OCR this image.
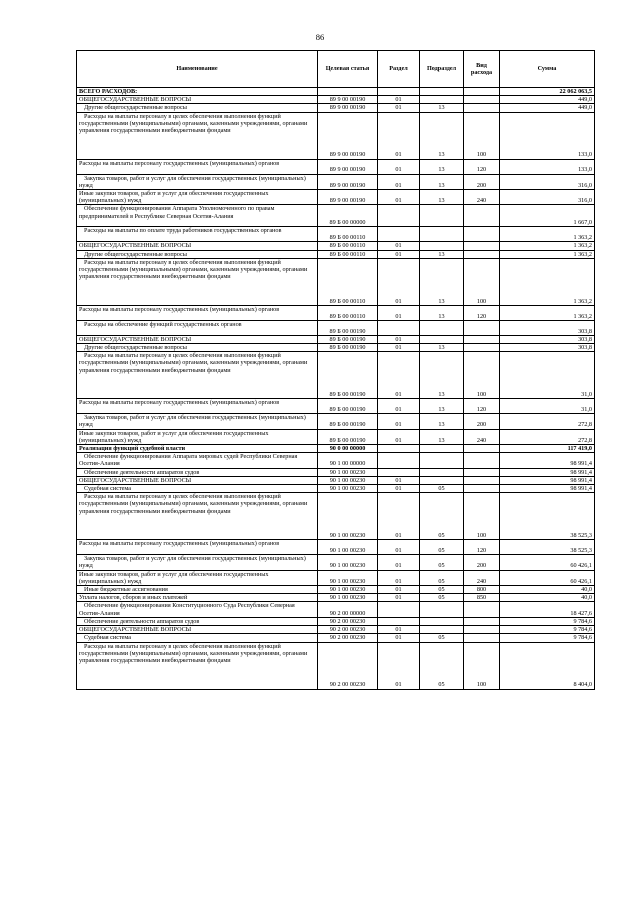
86
Наименование	Целевая статья	Раздел	Подраздел	Вид расхода	Сумма
ВСЕГО РАСХОДОВ:					22 062 063,5
ОБЩЕГОСУДАРСТВЕННЫЕ ВОПРОСЫ	89 9 00 00190	01			449,0
Другие общегосударственные вопросы	89 9 00 00190	01	13		449,0
Расходы на выплаты персоналу в целях обеспечения выполнения функций государственными (муниципальными) органами, казенными учреждениями, органами управления государственными внебюджетными фондами	89 9 00 00190	01	13	100	133,0
Расходы на выплаты персоналу государственных (муниципальных) органов	89 9 00 00190	01	13	120	133,0
Закупка товаров, работ и услуг для обеспечения государственных (муниципальных) нужд	89 9 00 00190	01	13	200	316,0
Иные закупки товаров, работ и услуг для обеспечения государственных (муниципальных) нужд	89 9 00 00190	01	13	240	316,0
Обеспечение функционирования Аппарата Уполномоченного по правам предпринимателей в Республике Северная Осетия-Алания	89 Б 00 00000				1 667,0
Расходы на выплаты по оплате труда работников государственных органов	89 Б 00 00110				1 363,2
ОБЩЕГОСУДАРСТВЕННЫЕ ВОПРОСЫ	89 Б 00 00110	01			1 363,2
Другие общегосударственные вопросы	89 Б 00 00110	01	13		1 363,2
Расходы на выплаты персоналу в целях обеспечения выполнения функций государственными (муниципальными) органами, казенными учреждениями, органами управления государственными внебюджетными фондами	89 Б 00 00110	01	13	100	1 363,2
Расходы на выплаты персоналу государственных (муниципальных) органов	89 Б 00 00110	01	13	120	1 363,2
Расходы на обеспечение функций государственных органов	89 Б 00 00190				303,8
ОБЩЕГОСУДАРСТВЕННЫЕ ВОПРОСЫ	89 Б 00 00190	01			303,8
Другие общегосударственные вопросы	89 Б 00 00190	01	13		303,8
Расходы на выплаты персоналу в целях обеспечения выполнения функций государственными (муниципальными) органами, казенными учреждениями, органами управления государственными внебюджетными фондами	89 Б 00 00190	01	13	100	31,0
Расходы на выплаты персоналу государственных (муниципальных) органов	89 Б 00 00190	01	13	120	31,0
Закупка товаров, работ и услуг для обеспечения государственных (муниципальных) нужд	89 Б 00 00190	01	13	200	272,8
Иные закупки товаров, работ и услуг для обеспечения государственных (муниципальных) нужд	89 Б 00 00190	01	13	240	272,8
Реализация функций судебной власти	90 0 00 00000				117 419,0
Обеспечение функционирования Аппарата мировых судей Республики Северная Осетия-Алания	90 1 00 00000				98 991,4
Обеспечение деятельности аппаратов судов	90 1 00 00230				98 991,4
ОБЩЕГОСУДАРСТВЕННЫЕ ВОПРОСЫ	90 1 00 00230	01			98 991,4
Судебная система	90 1 00 00230	01	05		98 991,4
Расходы на выплаты персоналу в целях обеспечения выполнения функций государственными (муниципальными) органами, казенными учреждениями, органами управления государственными внебюджетными фондами	90 1 00 00230	01	05	100	38 525,3
Расходы на выплаты персоналу государственных (муниципальных) органов	90 1 00 00230	01	05	120	38 525,3
Закупка товаров, работ и услуг для обеспечения государственных (муниципальных) нужд	90 1 00 00230	01	05	200	60 426,1
Иные закупки товаров, работ и услуг для обеспечения государственных (муниципальных) нужд	90 1 00 00230	01	05	240	60 426,1
Иные бюджетные ассигнования	90 1 00 00230	01	05	800	40,0
Уплата налогов, сборов и иных платежей	90 1 00 00230	01	05	850	40,0
Обеспечение функционирования Конституционного Суда Республики Северная Осетия-Алания	90 2 00 00000				18 427,6
Обеспечение деятельности аппаратов судов	90 2 00 00230				9 784,6
ОБЩЕГОСУДАРСТВЕННЫЕ ВОПРОСЫ	90 2 00 00230	01			9 784,6
Судебная система	90 2 00 00230	01	05		9 784,6
Расходы на выплаты персоналу в целях обеспечения выполнения функций государственными (муниципальными) органами, казенными учреждениями, органами управления государственными внебюджетными фондами	90 2 00 00230	01	05	100	8 404,0
